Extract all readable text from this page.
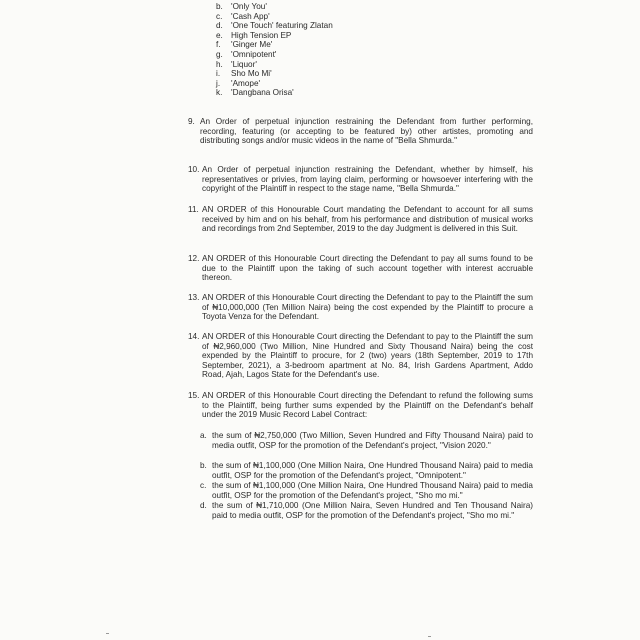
b. 'Only You'
c.	'Cash App'
d. 'One Touch' featuring Zlatan
e. High Tension EP
f.	'Ginger Me'
g. 'Omnipotent'
h. 'Liquor'
i.	Sho Mo Mi'
j.	'Amope'
k.	'Dangbana Orisa'
9. An Order of perpetual injunction restraining the Defendant from further performing, recording, featuring (or accepting to be featured by) other artistes, promoting and distributing songs and/or music videos in the name of "Bella Shmurda."
10. An Order of perpetual injunction restraining the Defendant, whether by himself, his representatives or privies, from laying claim, performing or howsoever interfering with the copyright of the Plaintiff in respect to the stage name, "Bella Shmurda."
11. AN ORDER of this Honourable Court mandating the Defendant to account for all sums received by him and on his behalf, from his performance and distribution of musical works and recordings from 2nd September, 2019 to the day Judgment is delivered in this Suit.
12. AN ORDER of this Honourable Court directing the Defendant to pay all sums found to be due to the Plaintiff upon the taking of such account together with interest accruable thereon.
13. AN ORDER of this Honourable Court directing the Defendant to pay to the Plaintiff the sum of ₦10,000,000 (Ten Million Naira) being the cost expended by the Plaintiff to procure a Toyota Venza for the Defendant.
14. AN ORDER of this Honourable Court directing the Defendant to pay to the Plaintiff the sum of ₦2,960,000 (Two Million, Nine Hundred and Sixty Thousand Naira) being the cost expended by the Plaintiff to procure, for 2 (two) years (18th September, 2019 to 17th September, 2021), a 3-bedroom apartment at No. 84, Irish Gardens Apartment, Addo Road, Ajah, Lagos State for the Defendant's use.
15. AN ORDER of this Honourable Court directing the Defendant to refund the following sums to the Plaintiff, being further sums expended by the Plaintiff on the Defendant's behalf under the 2019 Music Record Label Contract:
a. the sum of ₦2,750,000 (Two Million, Seven Hundred and Fifty Thousand Naira) paid to media outfit, OSP for the promotion of the Defendant's project, "Vision 2020."
b. the sum of ₦1,100,000 (One Million Naira, One Hundred Thousand Naira) paid to media outfit, OSP for the promotion of the Defendant's project, "Omnipotent."
c. the sum of ₦1,100,000 (One Million Naira, One Hundred Thousand Naira) paid to media outfit, OSP for the promotion of the Defendant's project, "Sho mo mi."
d. the sum of ₦1,710,000 (One Million Naira, Seven Hundred and Ten Thousand Naira) paid to media outfit, OSP for the promotion of the Defendant's project, "Sho mo mi."
